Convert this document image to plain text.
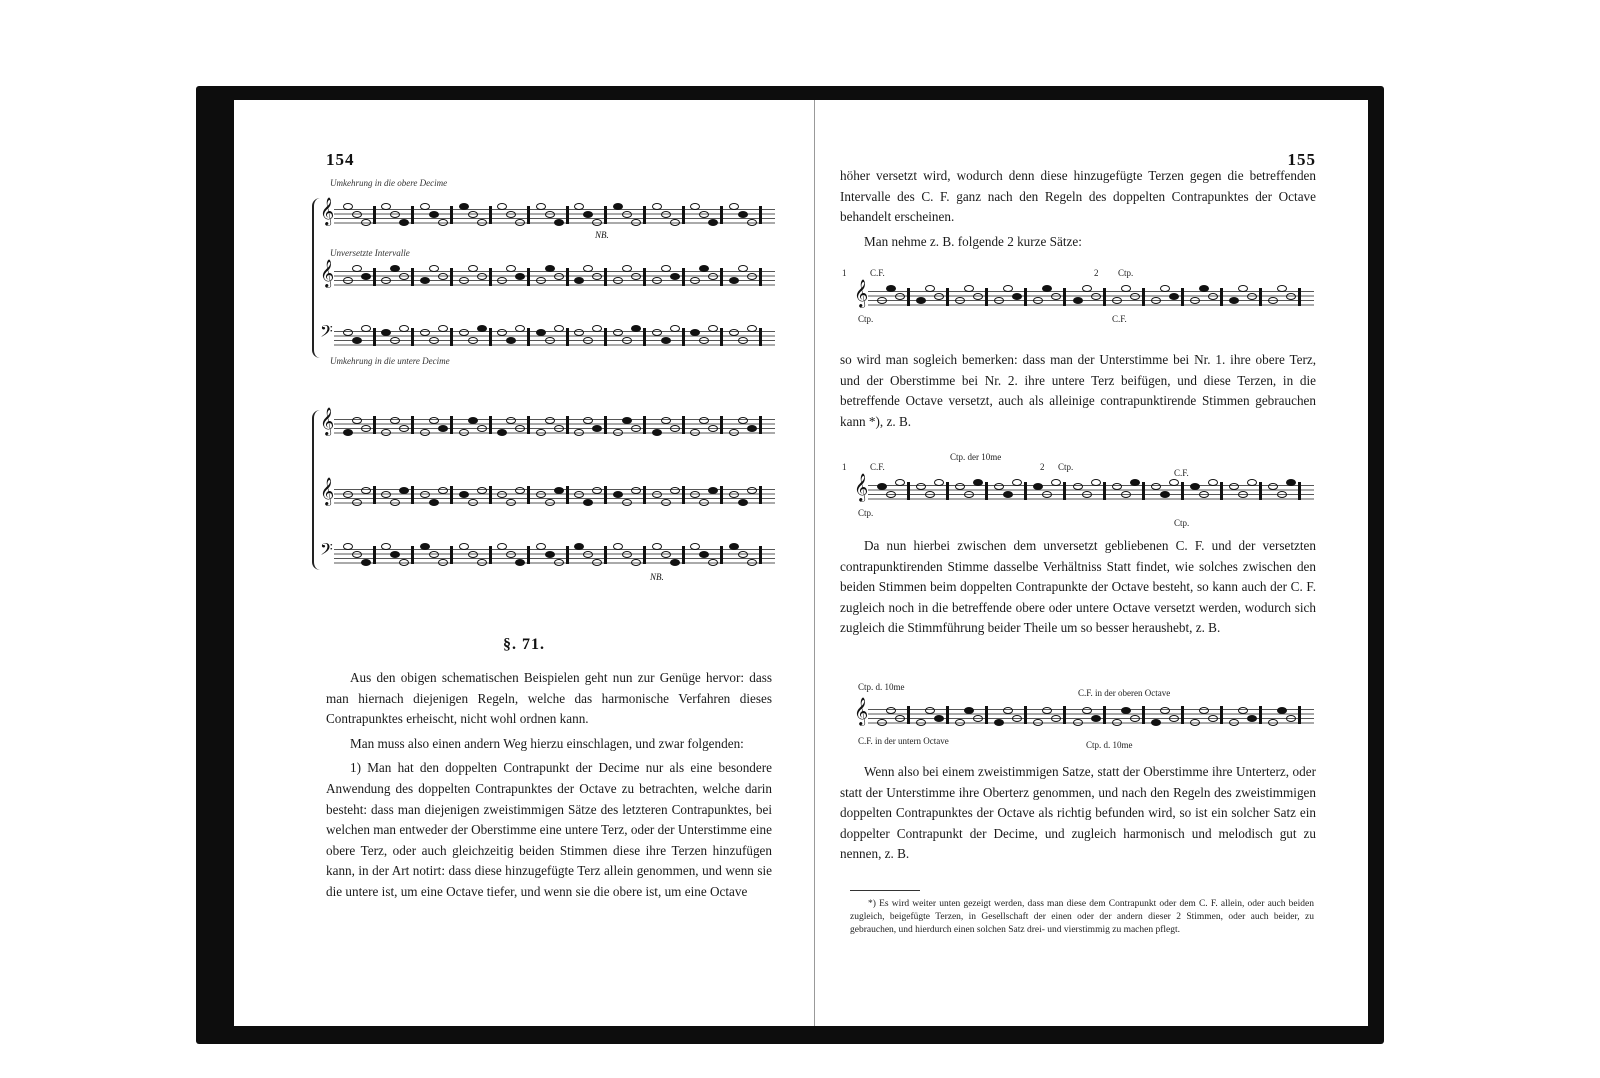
154
Umkehrung in die obere Decime
𝄞
NB.
Unversetzte Intervalle
𝄞
𝄢
Umkehrung in die untere Decime
𝄞
𝄞
𝄢
NB.
§. 71.

Aus den obigen schematischen Beispielen geht nun zur Genüge hervor: dass man hiernach diejenigen Regeln, welche das harmonische Verfahren dieses Contrapunktes erheischt, nicht wohl ordnen kann.

Man muss also einen andern Weg hierzu einschlagen, und zwar folgenden:

1) Man hat den doppelten Contrapunkt der Decime nur als eine besondere Anwendung des doppelten Contrapunktes der Octave zu betrachten, welche darin besteht: dass man diejenigen zweistimmigen Sätze des letzteren Contrapunktes, bei welchen man entweder der Oberstimme eine untere Terz, oder der Unterstimme eine obere Terz, oder auch gleichzeitig beiden Stimmen diese ihre Terzen hinzufügen kann, in der Art notirt: dass diese hinzugefügte Terz allein genommen, und wenn sie die untere ist, um eine Octave tiefer, und wenn sie die obere ist, um eine Octave

155

höher versetzt wird, wodurch denn diese hinzugefügte Terzen gegen die betreffenden Intervalle des C. F. ganz nach den Regeln des doppelten Contrapunktes der Octave behandelt erscheinen.

Man nehme z. B. folgende 2 kurze Sätze:

1	C.F.	2 Ctp.
𝄞
Ctp.	C.F.

so wird man sogleich bemerken: dass man der Unterstimme bei Nr. 1. ihre obere Terz, und der Oberstimme bei Nr. 2. ihre untere Terz beifügen, und diese Terzen, in die betreffende Octave versetzt, auch als alleinige contrapunktirende Stimmen gebrauchen kann *), z. B.

1	C.F.
Ctp. der 10me
2 Ctp.
C.F.
𝄞
Ctp.
Ctp.

Da nun hierbei zwischen dem unversetzt gebliebenen C. F. und der versetzten contrapunktirenden Stimme dasselbe Verhältniss Statt findet, wie solches zwischen den beiden Stimmen beim doppelten Contrapunkte der Octave besteht, so kann auch der C. F. zugleich noch in die betreffende obere oder untere Octave versetzt werden, wodurch sich zugleich die Stimmführung beider Theile um so besser heraushebt, z. B.

Ctp. d. 10me
C.F. in der oberen Octave
𝄞
C.F. in der untern Octave	Ctp. d. 10me

Wenn also bei einem zweistimmigen Satze, statt der Oberstimme ihre Unterterz, oder statt der Unterstimme ihre Oberterz genommen, und nach den Regeln des zweistimmigen doppelten Contrapunktes der Octave als richtig befunden wird, so ist ein solcher Satz ein doppelter Contrapunkt der Decime, und zugleich harmonisch und melodisch gut zu nennen, z. B.

*) Es wird weiter unten gezeigt werden, dass man diese dem Contrapunkt oder dem C. F. allein, oder auch beiden zugleich, beigefügte Terzen, in Gesellschaft der einen oder der andern dieser 2 Stimmen, oder auch beider, zu gebrauchen, und hierdurch einen solchen Satz drei- und vierstimmig zu machen pflegt.
